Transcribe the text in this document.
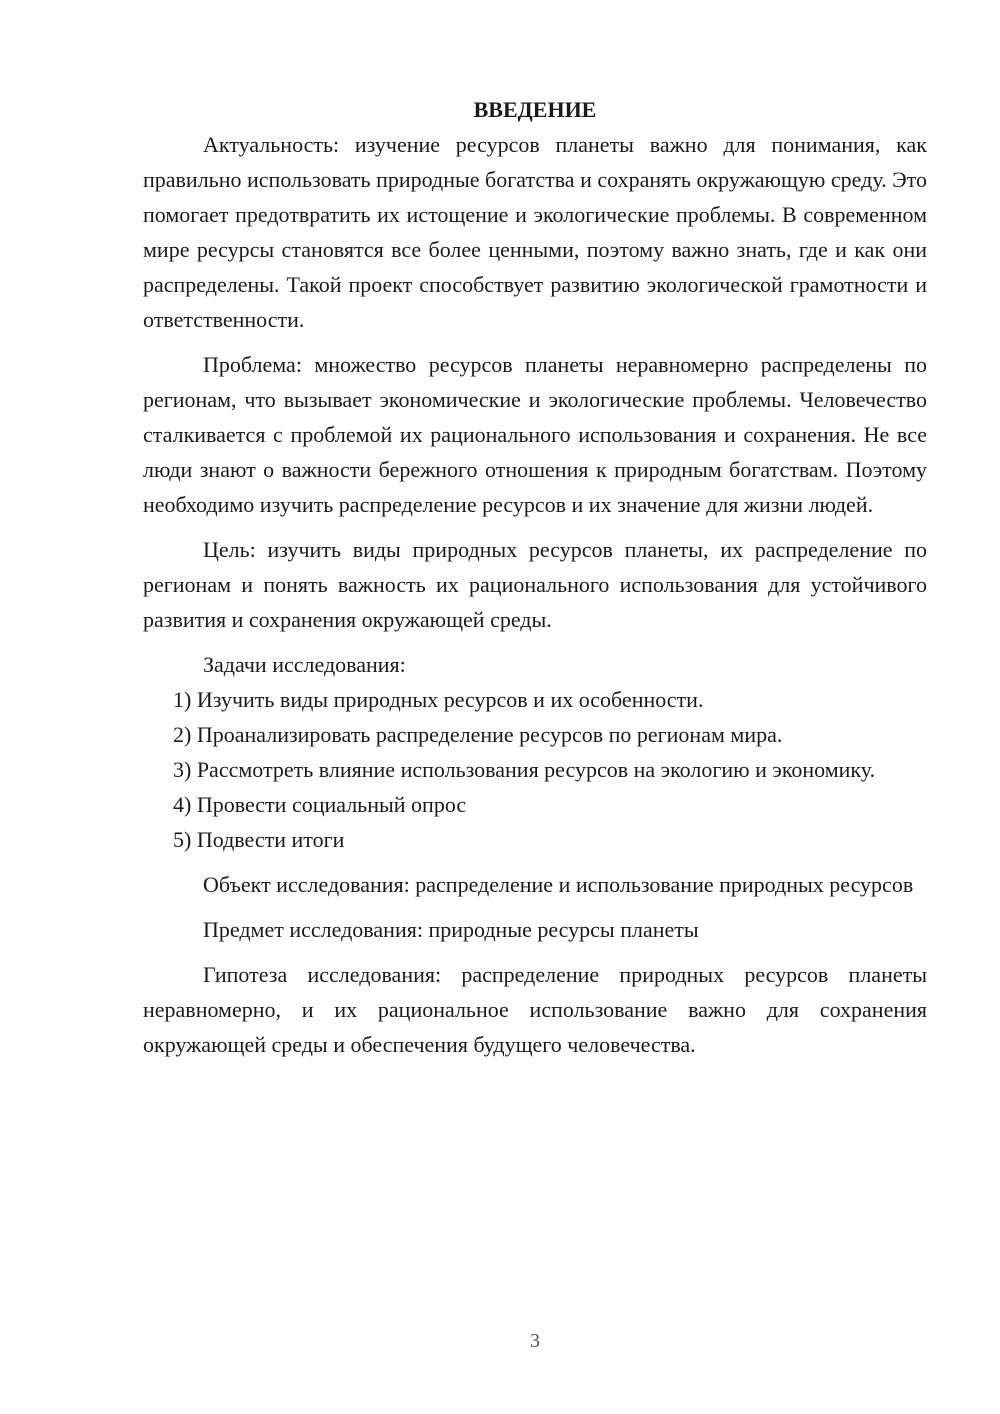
ВВЕДЕНИЕ

Актуальность: изучение ресурсов планеты важно для понимания, как правильно использовать природные богатства и сохранять окружающую среду. Это помогает предотвратить их истощение и экологические проблемы. В современном мире ресурсы становятся все более ценными, поэтому важно знать, где и как они распределены. Такой проект способствует развитию экологической грамотности и ответственности.

Проблема: множество ресурсов планеты неравномерно распределены по регионам, что вызывает экономические и экологические проблемы. Человечество сталкивается с проблемой их рационального использования и сохранения. Не все люди знают о важности бережного отношения к природным богатствам. Поэтому необходимо изучить распределение ресурсов и их значение для жизни людей.

Цель: изучить виды природных ресурсов планеты, их распределение по регионам и понять важность их рационального использования для устойчивого развития и сохранения окружающей среды.

Задачи исследования:

1) Изучить виды природных ресурсов и их особенности.

2) Проанализировать распределение ресурсов по регионам мира.

3) Рассмотреть влияние использования ресурсов на экологию и экономику.

4) Провести социальный опрос

5) Подвести итоги

Объект исследования: распределение и использование природных ресурсов

Предмет исследования: природные ресурсы планеты

Гипотеза исследования: распределение природных ресурсов планеты неравномерно, и их рациональное использование важно для сохранения окружающей среды и обеспечения будущего человечества.

3
